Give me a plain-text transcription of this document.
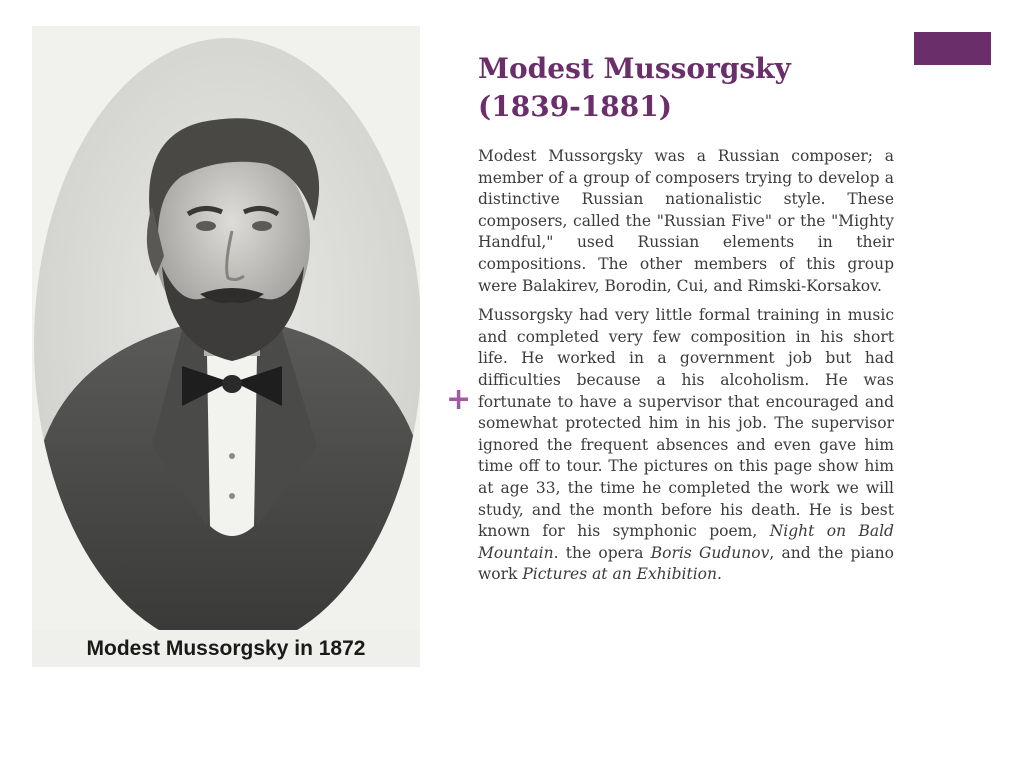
Modest Mussorgsky in 1872
+
Modest Mussorgsky
(1839-1881)

Modest Mussorgsky was a Russian composer; a member of a group of composers trying to develop a distinctive Russian nationalistic style. These composers, called the "Russian Five" or the "Mighty Handful," used Russian elements in their compositions. The other members of this group were Balakirev, Borodin, Cui, and Rimski-Korsakov.

Mussorgsky had very little formal training in music and completed very few composition in his short life. He worked in a government job but had difficulties because a his alcoholism. He was fortunate to have a supervisor that encouraged and somewhat protected him in his job. The supervisor ignored the frequent absences and even gave him time off to tour. The pictures on this page show him at age 33, the time he completed the work we will study, and the month before his death. He is best known for his symphonic poem, Night on Bald Mountain. the opera Boris Gudunov, and the piano work Pictures at an Exhibition.
